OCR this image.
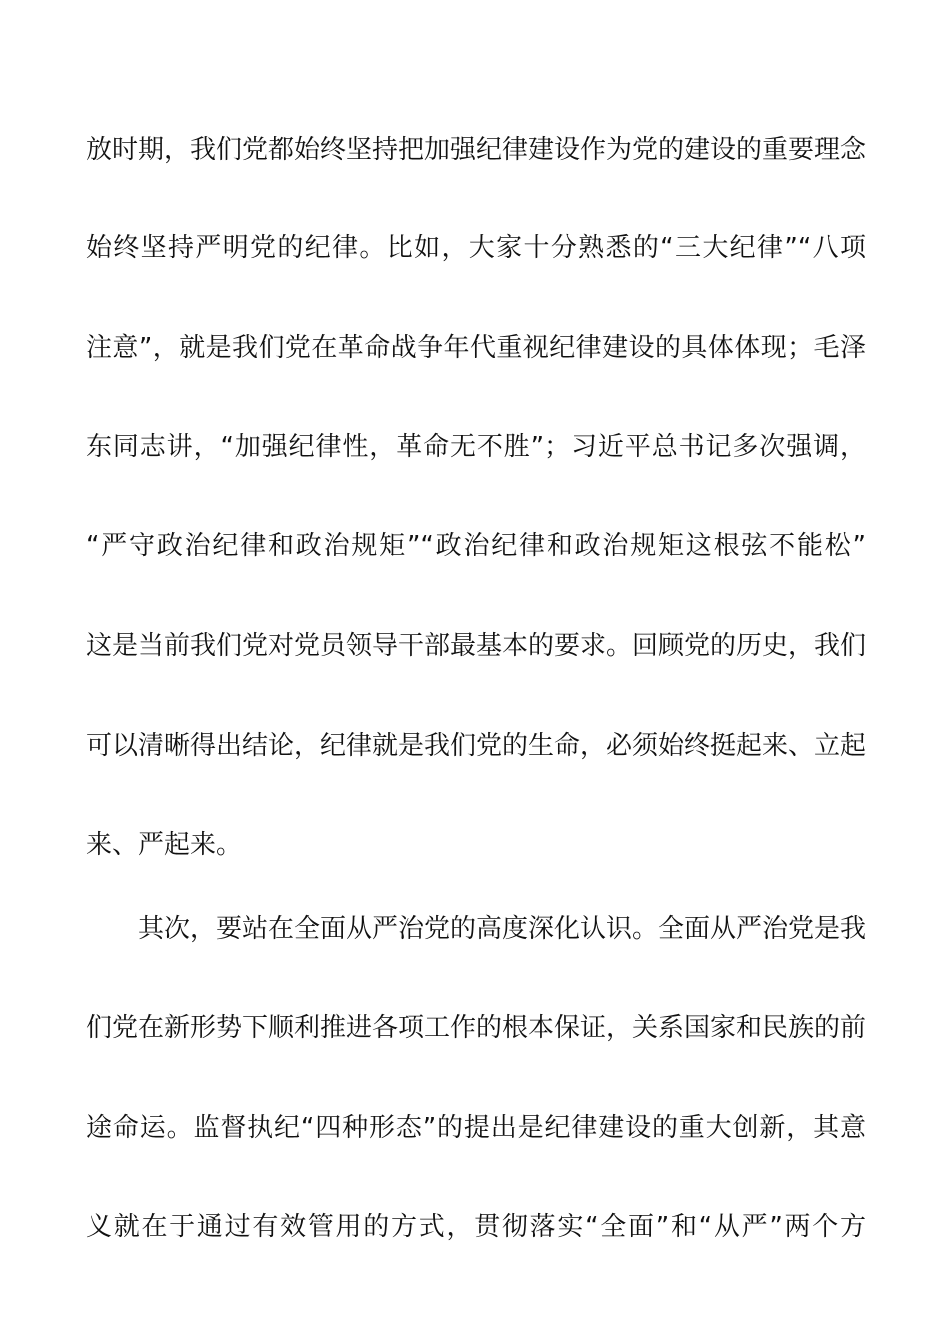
放时期，我们党都始终坚持把加强纪律建设作为党的建设的重要理念
始终坚持严明党的纪律。比如，大家十分熟悉的“三大纪律”“八项
注意”，就是我们党在革命战争年代重视纪律建设的具体体现；毛泽
东同志讲，“加强纪律性，革命无不胜”；习近平总书记多次强调，
“严守政治纪律和政治规矩”“政治纪律和政治规矩这根弦不能松”
这是当前我们党对党员领导干部最基本的要求。回顾党的历史，我们
可以清晰得出结论，纪律就是我们党的生命，必须始终挺起来、立起
来、严起来。
其次，要站在全面从严治党的高度深化认识。全面从严治党是我
们党在新形势下顺利推进各项工作的根本保证，关系国家和民族的前
途命运。监督执纪“四种形态”的提出是纪律建设的重大创新，其意
义就在于通过有效管用的方式，贯彻落实“全面”和“从严”两个方
